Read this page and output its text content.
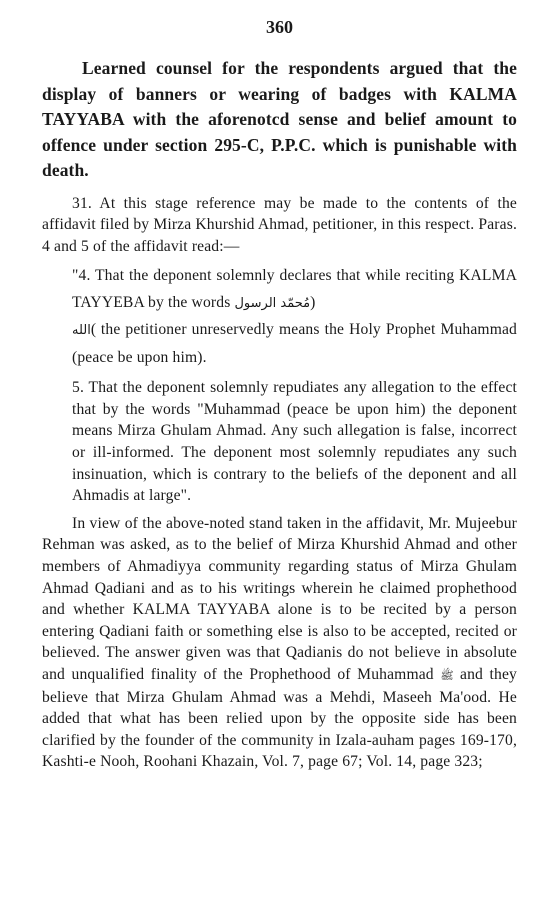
360

Learned counsel for the respondents argued that the display of banners or wearing of badges with KALMA TAYYABA with the aforenotcd sense and belief amount to offence under section 295-C, P.P.C. which is punishable with death.

31. At this stage reference may be made to the contents of the affidavit filed by Mirza Khurshid Ahmad, petitioner, in this respect. Paras. 4 and 5 of the affidavit read:—

"4. That the deponent solemnly declares that while reciting KALMA TAYYEBA by the words مُحمّد الرسول)
الله( the petitioner unreservedly means the Holy Prophet Muhammad (peace be upon him).

5. That the deponent solemnly repudiates any allegation to the effect that by the words "Muhammad (peace be upon him) the deponent means Mirza Ghulam Ahmad. Any such allegation is false, incorrect or ill-informed. The deponent most solemnly repudiates any such insinuation, which is contrary to the beliefs of the deponent and all Ahmadis at large".

In view of the above-noted stand taken in the affidavit, Mr. Mujeebur Rehman was asked, as to the belief of Mirza Khurshid Ahmad and other members of Ahmadiyya community regarding status of Mirza Ghulam Ahmad Qadiani and as to his writings wherein he claimed prophethood and whether KALMA TAYYABA alone is to be recited by a person entering Qadiani faith or something else is also to be accepted, recited or believed. The answer given was that Qadianis do not believe in absolute and unqualified finality of the Prophethood of Muhammad ﷺ and they believe that Mirza Ghulam Ahmad was a Mehdi, Maseeh Ma'ood. He added that what has been relied upon by the opposite side has been clarified by the founder of the community in Izala-auham pages 169-170, Kashti-e Nooh, Roohani Khazain, Vol. 7, page 67; Vol. 14, page 323;
